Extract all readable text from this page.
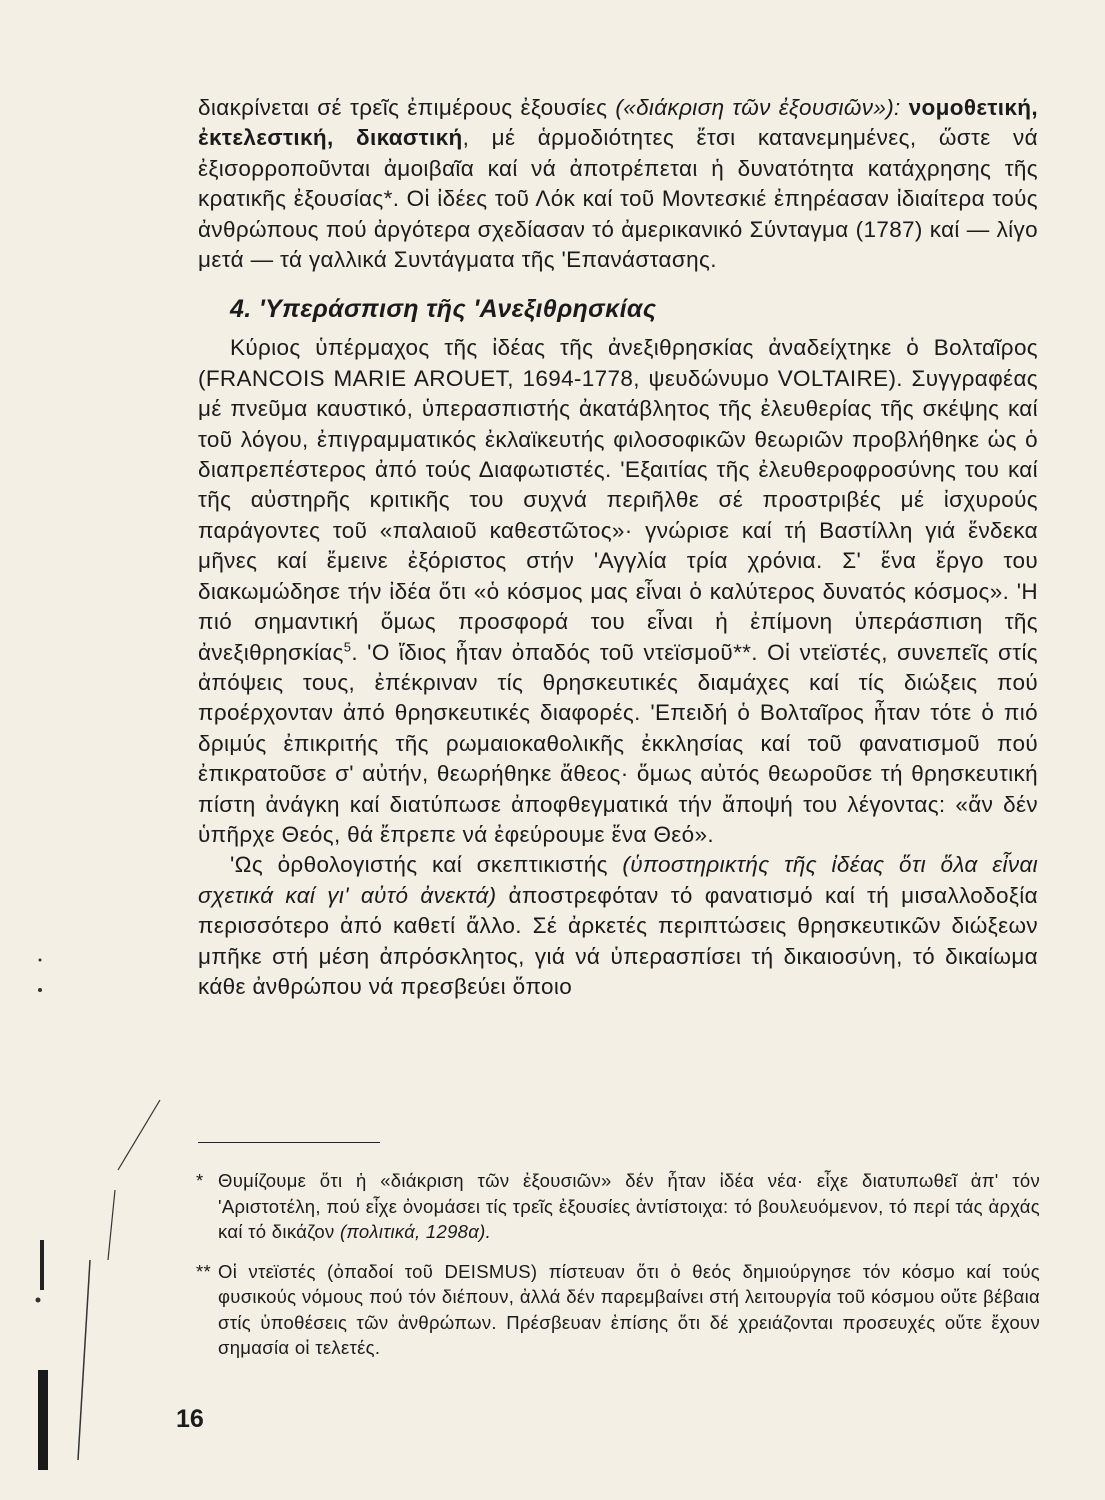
διακρίνεται σέ τρεῖς ἐπιμέρους ἐξουσίες («διάκριση τῶν ἐξουσιῶν»): νομοθετική, ἐκτελεστική, δικαστική, μέ ἁρμοδιότητες ἔτσι κατανεμημένες, ὥστε νά ἐξισορροποῦνται ἀμοιβαῖα καί νά ἀποτρέπεται ἡ δυνατότητα κατάχρησης τῆς κρατικῆς ἐξουσίας*. Οἱ ἰδέες τοῦ Λόκ καί τοῦ Μοντεσκιέ ἐπηρέασαν ἰδιαίτερα τούς ἀνθρώπους πού ἀργότερα σχεδίασαν τό ἀμερικανικό Σύνταγμα (1787) καί — λίγο μετά — τά γαλλικά Συντάγματα τῆς 'Επανάστασης.

4. 'Υπεράσπιση τῆς 'Ανεξιθρησκίας

Κύριος ὑπέρμαχος τῆς ἰδέας τῆς ἀνεξιθρησκίας ἀναδείχτηκε ὁ Βολταῖρος (FRANCOIS MARIE AROUET, 1694-1778, ψευδώνυμο VOLTAIRE). Συγγραφέας μέ πνεῦμα καυστικό, ὑπερασπιστής ἀκατάβλητος τῆς ἐλευθερίας τῆς σκέψης καί τοῦ λόγου, ἐπιγραμματικός ἐκλαϊκευτής φιλοσοφικῶν θεωριῶν προβλήθηκε ὡς ὁ διαπρεπέστερος ἀπό τούς Διαφωτιστές. 'Εξαιτίας τῆς ἐλευθεροφροσύνης του καί τῆς αὐστηρῆς κριτικῆς του συχνά περιῆλθε σέ προστριβές μέ ἰσχυρούς παράγοντες τοῦ «παλαιοῦ καθεστῶτος»· γνώρισε καί τή Βαστίλλη γιά ἕνδεκα μῆνες καί ἔμεινε ἐξόριστος στήν 'Αγγλία τρία χρόνια. Σ' ἕνα ἔργο του διακωμώδησε τήν ἰδέα ὅτι «ὁ κόσμος μας εἶναι ὁ καλύτερος δυνατός κόσμος». 'Η πιό σημαντική ὅμως προσφορά του εἶναι ἡ ἐπίμονη ὑπεράσπιση τῆς ἀνεξιθρησκίας$^5$. 'Ο ἴδιος ἦταν ὀπαδός τοῦ ντεϊσμοῦ**. Οἱ ντεϊστές, συνεπεῖς στίς ἀπόψεις τους, ἐπέκριναν τίς θρησκευτικές διαμάχες καί τίς διώξεις πού προέρχονταν ἀπό θρησκευτικές διαφορές. 'Επειδή ὁ Βολταῖρος ἦταν τότε ὁ πιό δριμύς ἐπικριτής τῆς ρωμαιοκαθολικῆς ἐκκλησίας καί τοῦ φανατισμοῦ πού ἐπικρατοῦσε σ' αὐτήν, θεωρήθηκε ἄθεος· ὅμως αὐτός θεωροῦσε τή θρησκευτική πίστη ἀνάγκη καί διατύπωσε ἀποφθεγματικά τήν ἄποψή του λέγοντας: «ἄν δέν ὑπῆρχε Θεός, θά ἔπρεπε νά ἐφεύρουμε ἕνα Θεό».

'Ως ὀρθολογιστής καί σκεπτικιστής (ὑποστηρικτής τῆς ἰδέας ὅτι ὅλα εἶναι σχετικά καί γι' αὐτό ἀνεκτά) ἀποστρεφόταν τό φανατισμό καί τή μισαλλοδοξία περισσότερο ἀπό καθετί ἄλλο. Σέ ἀρκετές περιπτώσεις θρησκευτικῶν διώξεων μπῆκε στή μέση ἀπρόσκλητος, γιά νά ὑπερασπίσει τή δικαιοσύνη, τό δικαίωμα κάθε ἀνθρώπου νά πρεσβεύει ὅποιο

* Θυμίζουμε ὅτι ἡ «διάκριση τῶν ἐξουσιῶν» δέν ἦταν ἰδέα νέα· εἶχε διατυπωθεῖ ἀπ' τόν 'Αριστοτέλη, πού εἶχε ὀνομάσει τίς τρεῖς ἐξουσίες ἀντίστοιχα: τό βουλευόμενον, τό περί τάς ἀρχάς καί τό δικάζον (πολιτικά, 1298α).

** Οἱ ντεϊστές (ὀπαδοί τοῦ DEISMUS) πίστευαν ὅτι ὁ θεός δημιούργησε τόν κόσμο καί τούς φυσικούς νόμους πού τόν διέπουν, ἀλλά δέν παρεμβαίνει στή λειτουργία τοῦ κόσμου οὔτε βέβαια στίς ὑποθέσεις τῶν ἀνθρώπων. Πρέσβευαν ἐπίσης ὅτι δέ χρειάζονται προσευχές οὔτε ἔχουν σημασία οἱ τελετές.

16
